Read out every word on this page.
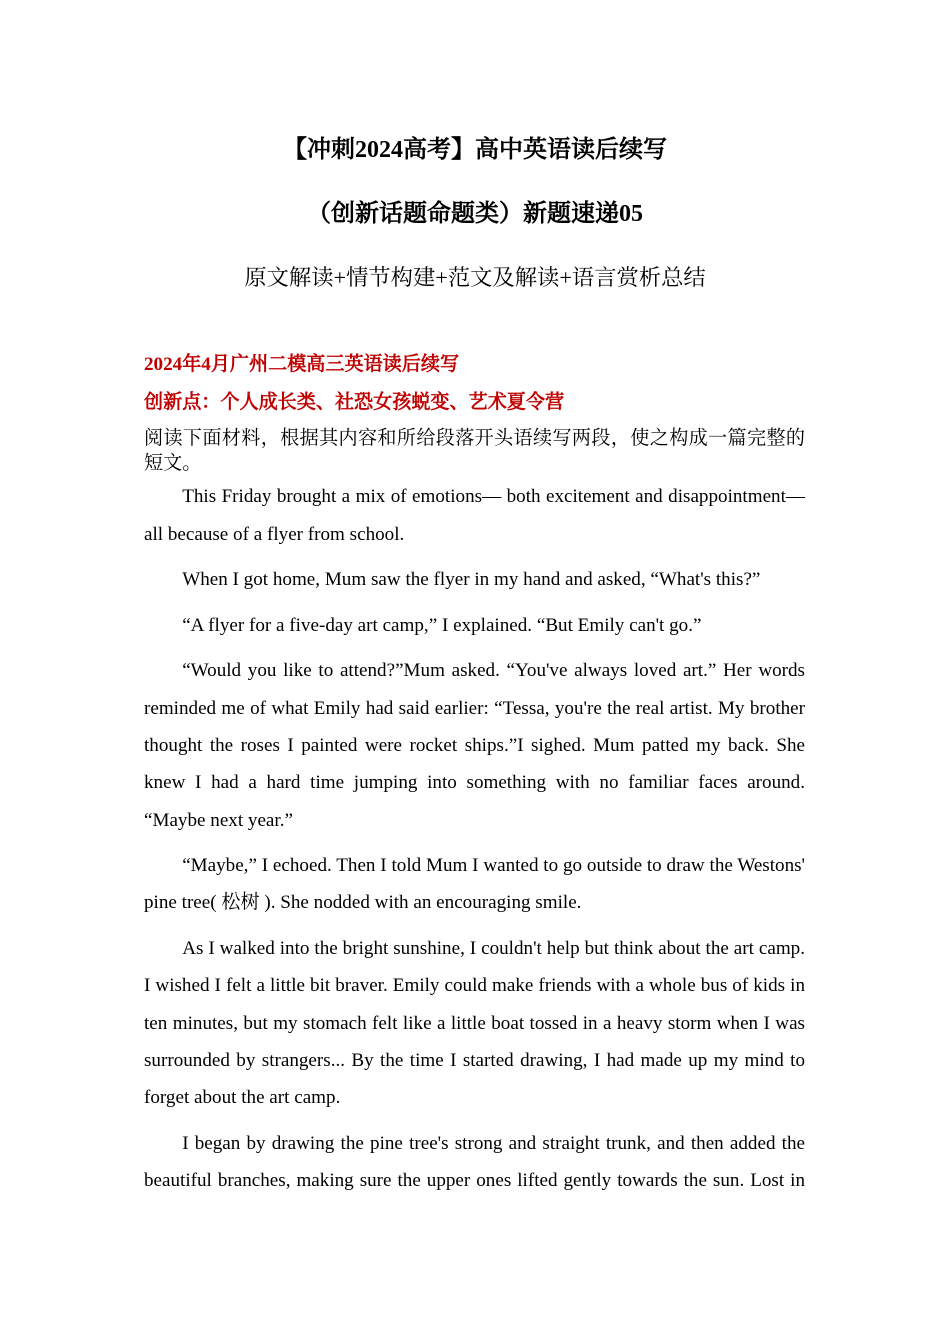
【冲刺2024高考】高中英语读后续写
（创新话题命题类）新题速递05
原文解读+情节构建+范文及解读+语言赏析总结

2024年4月广州二模高三英语读后续写

创新点：个人成长类、社恐女孩蜕变、艺术夏令营

阅读下面材料，根据其内容和所给段落开头语续写两段，使之构成一篇完整的短文。

This Friday brought a mix of emotions— both excitement and disappointment—all because of a flyer from school.

When I got home, Mum saw the flyer in my hand and asked, “What's this?”

“A flyer for a five-day art camp,” I explained. “But Emily can't go.”

“Would you like to attend?”Mum asked. “You've always loved art.” Her words reminded me of what Emily had said earlier: “Tessa, you're the real artist. My brother thought the roses I painted were rocket ships.”I sighed. Mum patted my back. She knew I had a hard time jumping into something with no familiar faces around. “Maybe next year.”

“Maybe,” I echoed. Then I told Mum I wanted to go outside to draw the Westons' pine tree( 松树 ). She nodded with an encouraging smile.

As I walked into the bright sunshine, I couldn't help but think about the art camp. I wished I felt a little bit braver. Emily could make friends with a whole bus of kids in ten minutes, but my stomach felt like a little boat tossed in a heavy storm when I was surrounded by strangers... By the time I started drawing, I had made up my mind to forget about the art camp.

I began by drawing the pine tree's strong and straight trunk, and then added the beautiful branches, making sure the upper ones lifted gently towards the sun. Lost in
